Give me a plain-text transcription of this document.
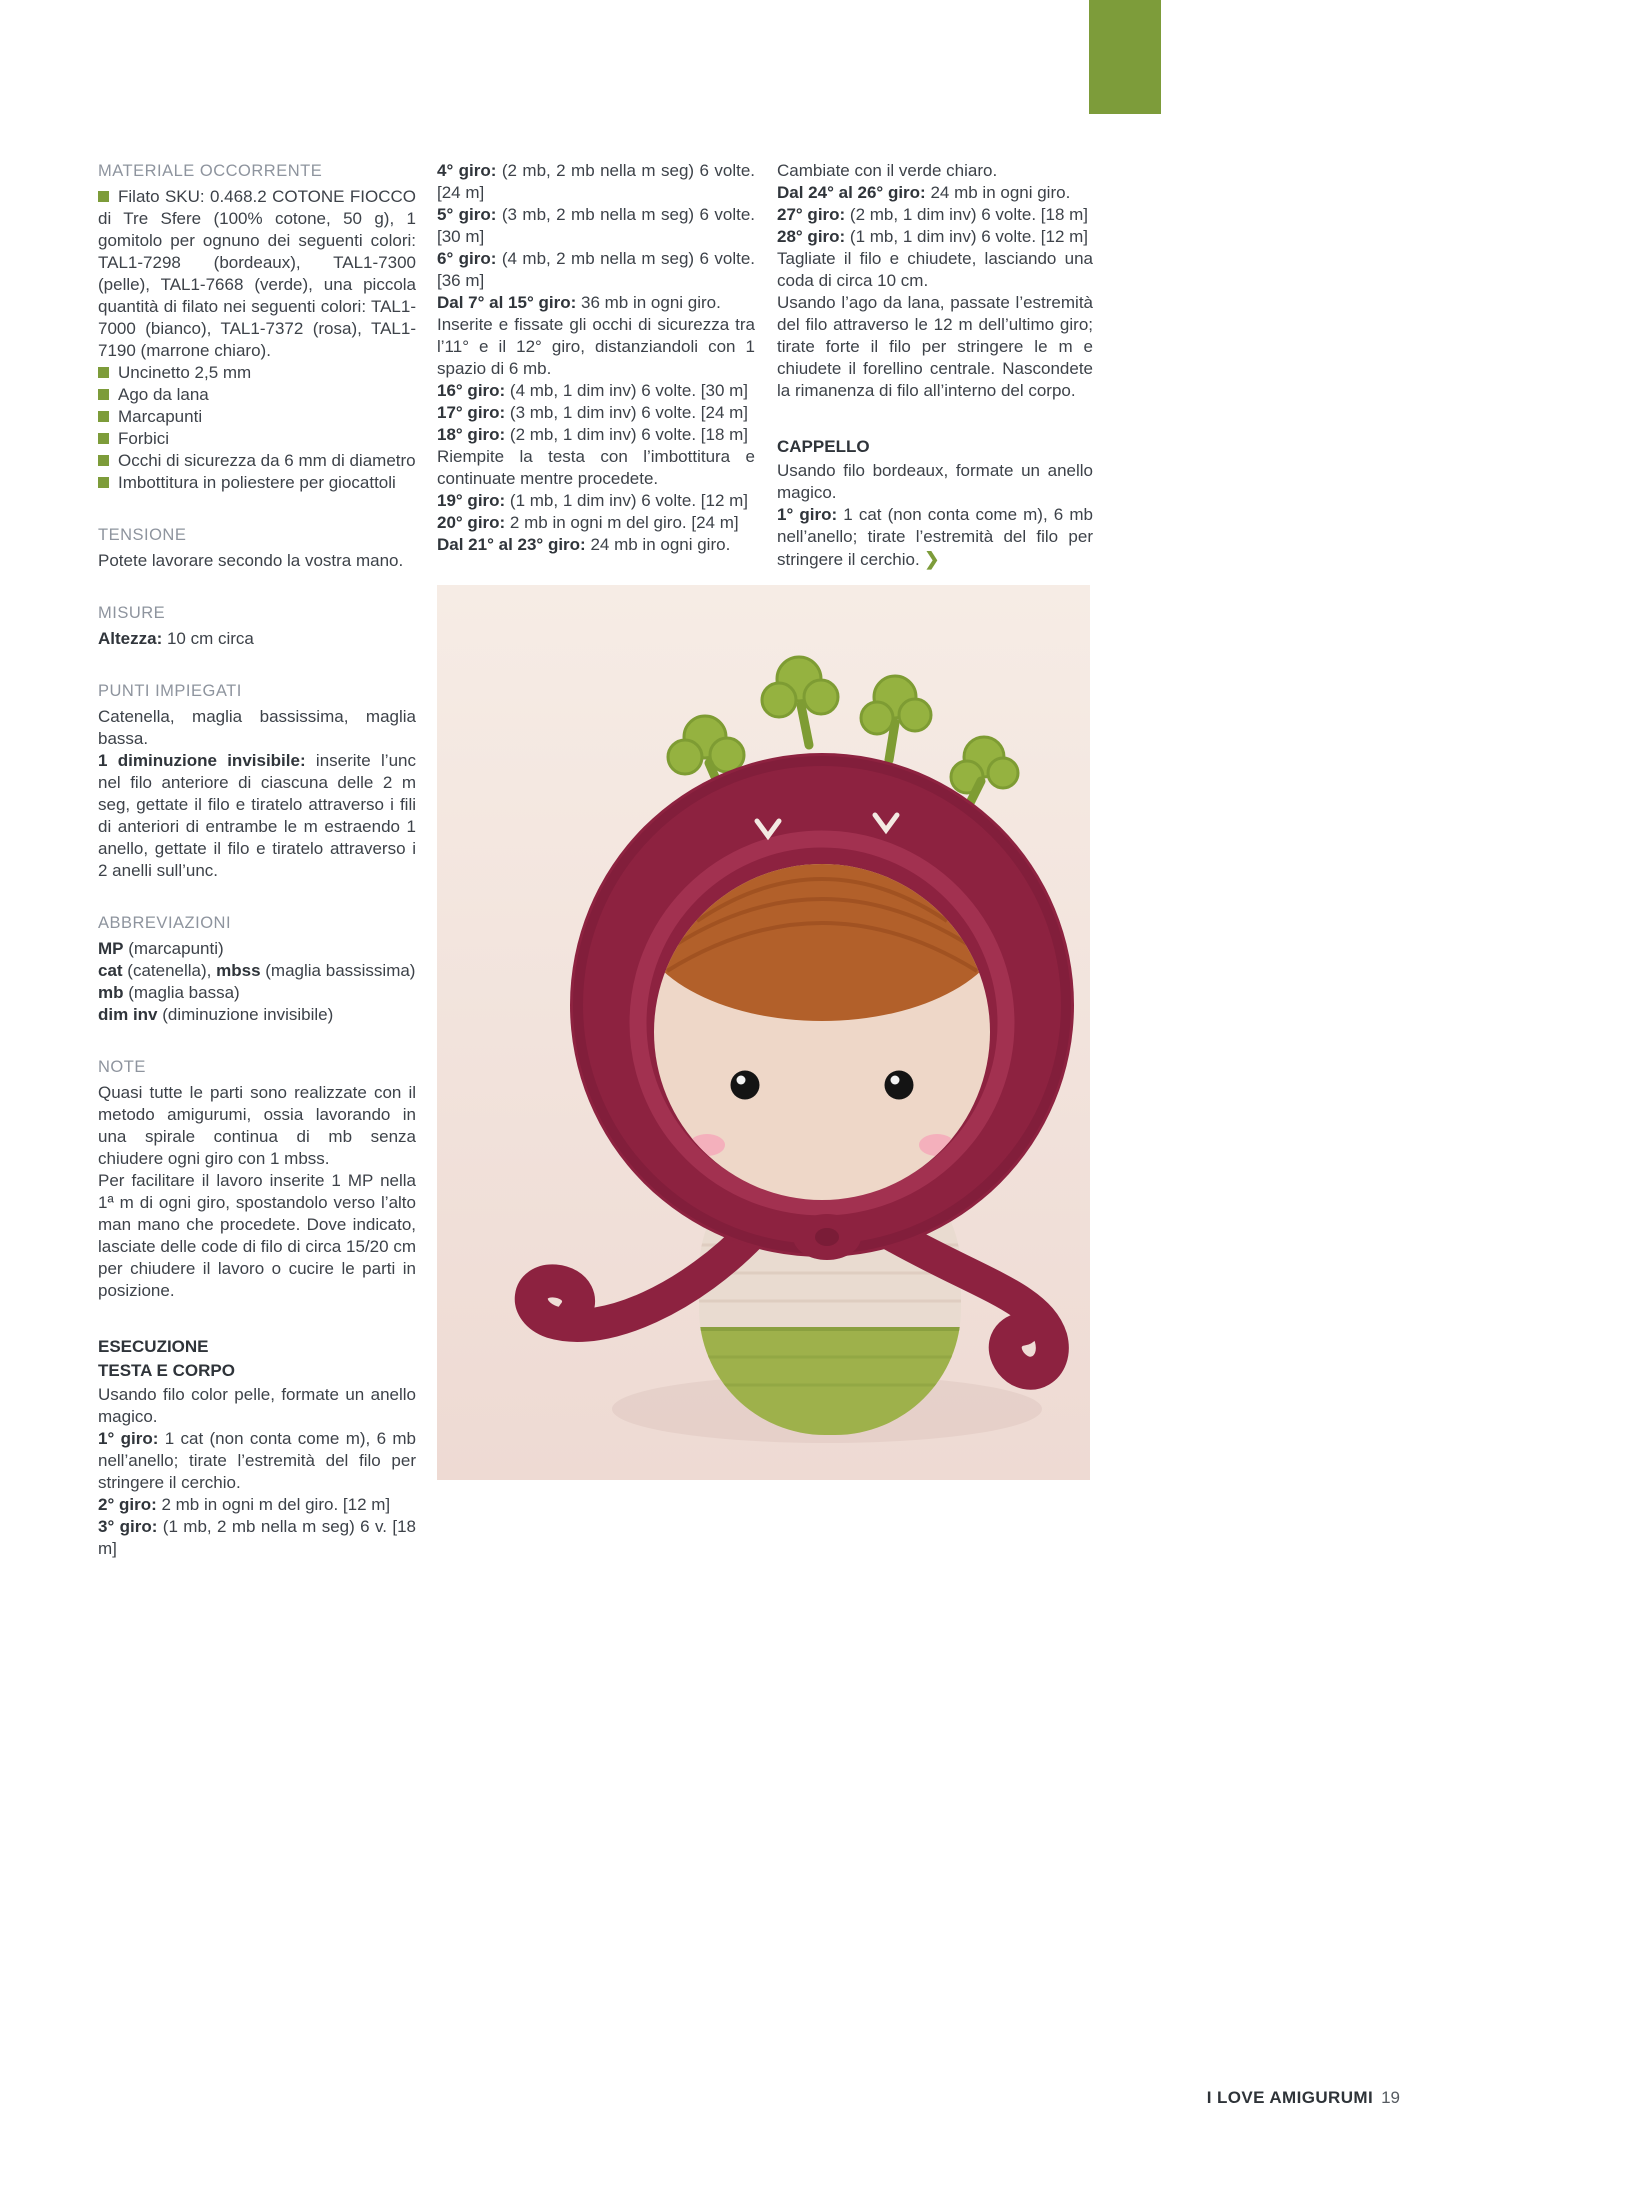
MATERIALE OCCORRENTE

Filato SKU: 0.468.2 COTONE FIOCCO di Tre Sfere (100% cotone, 50 g), 1 gomitolo per ognuno dei seguenti colori: TAL1-7298 (bordeaux), TAL1-7300 (pelle), TAL1-7668 (verde), una piccola quantità di filato nei seguenti colori: TAL1-7000 (bianco), TAL1-7372 (rosa), TAL1-7190 (marrone chiaro).

Uncinetto 2,5 mm

Ago da lana

Marcapunti

Forbici

Occhi di sicurezza da 6 mm di diametro

Imbottitura in poliestere per giocattoli

TENSIONE

Potete lavorare secondo la vostra mano.

MISURE

Altezza: 10 cm circa

PUNTI IMPIEGATI

Catenella, maglia bassissima, maglia bassa.

1 diminuzione invisibile: inserite l’unc nel filo anteriore di ciascuna delle 2 m seg, gettate il filo e tiratelo attraverso i fili di anteriori di entrambe le m estraendo 1 anello, gettate il filo e tiratelo attraverso i 2 anelli sull’unc.

ABBREVIAZIONI

MP (marcapunti)

cat (catenella), mbss (maglia bassissima)

mb (maglia bassa)

dim inv (diminuzione invisibile)

NOTE

Quasi tutte le parti sono realizzate con il metodo amigurumi, ossia lavorando in una spirale continua di mb senza chiudere ogni giro con 1 mbss.

Per facilitare il lavoro inserite 1 MP nella 1ª m di ogni giro, spostandolo verso l’alto man mano che procedete. Dove indicato, lasciate delle code di filo di circa 15/20 cm per chiudere il lavoro o cucire le parti in posizione.

ESECUZIONE
TESTA E CORPO

Usando filo color pelle, formate un anello magico.

1° giro: 1 cat (non conta come m), 6 mb nell’anello; tirate l’estremità del filo per stringere il cerchio.

2° giro: 2 mb in ogni m del giro. [12 m]

3° giro: (1 mb, 2 mb nella m seg) 6 v. [18 m]

4° giro: (2 mb, 2 mb nella m seg) 6 volte. [24 m]

5° giro: (3 mb, 2 mb nella m seg) 6 volte. [30 m]

6° giro: (4 mb, 2 mb nella m seg) 6 volte. [36 m]

Dal 7° al 15° giro: 36 mb in ogni giro.

Inserite e fissate gli occhi di sicurezza tra l’11° e il 12° giro, distanziandoli con 1 spazio di 6 mb.

16° giro: (4 mb, 1 dim inv) 6 volte. [30 m]

17° giro: (3 mb, 1 dim inv) 6 volte. [24 m]

18° giro: (2 mb, 1 dim inv) 6 volte. [18 m]

Riempite la testa con l’imbottitura e continuate mentre procedete.

19° giro: (1 mb, 1 dim inv) 6 volte. [12 m]

20° giro: 2 mb in ogni m del giro. [24 m]

Dal 21° al 23° giro: 24 mb in ogni giro.

Cambiate con il verde chiaro.

Dal 24° al 26° giro: 24 mb in ogni giro.

27° giro: (2 mb, 1 dim inv) 6 volte. [18 m]

28° giro: (1 mb, 1 dim inv) 6 volte. [12 m]

Tagliate il filo e chiudete, lasciando una coda di circa 10 cm.

Usando l’ago da lana, passate l’estremità del filo attraverso le 12 m dell’ultimo giro; tirate forte il filo per stringere le m e chiudete il forellino centrale. Nascondete la rimanenza di filo all’interno del corpo.

CAPPELLO

Usando filo bordeaux, formate un anello magico.

1° giro: 1 cat (non conta come m), 6 mb nell’anello; tirate l’estremità del filo per stringere il cerchio. ❯

I LOVE AMIGURUMI 19
